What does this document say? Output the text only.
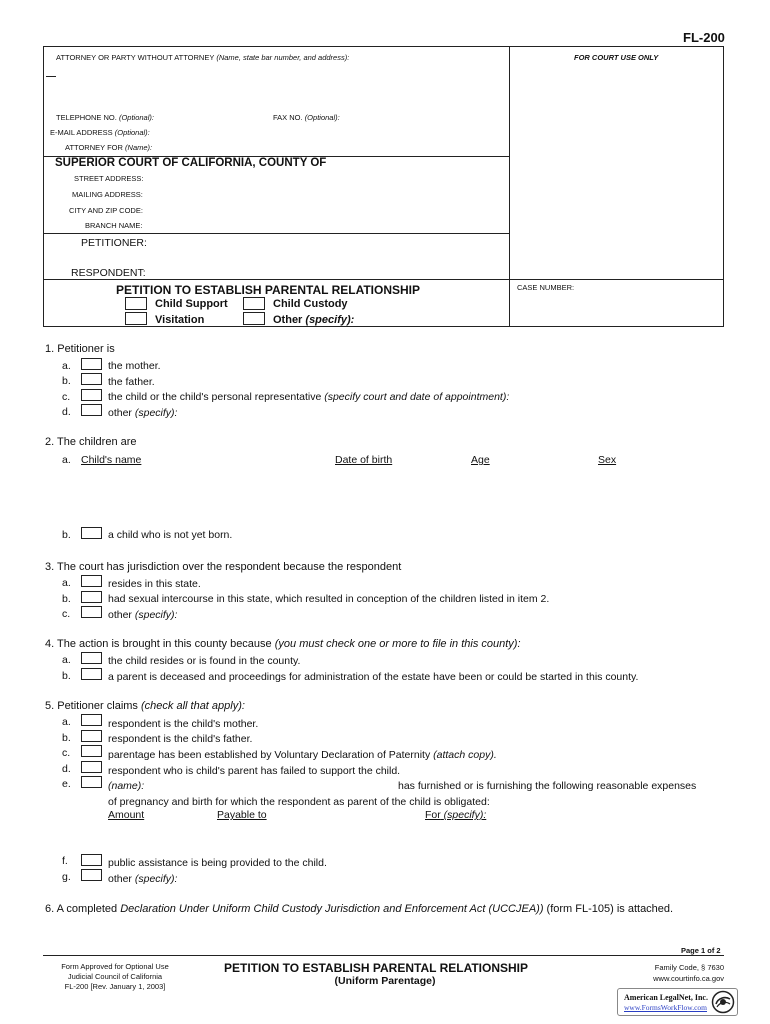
FL-200
ATTORNEY OR PARTY WITHOUT ATTORNEY (Name, state bar number, and address):	FOR COURT USE ONLY
TELEPHONE NO. (Optional):	FAX NO. (Optional):
E-MAIL ADDRESS (Optional):
ATTORNEY FOR (Name):
SUPERIOR COURT OF CALIFORNIA, COUNTY OF
STREET ADDRESS:
MAILING ADDRESS:
CITY AND ZIP CODE:
BRANCH NAME:
PETITIONER:
RESPONDENT:
PETITION TO ESTABLISH PARENTAL RELATIONSHIP	CASE NUMBER:
Child Support	Child Custody
Visitation	Other (specify):
1. Petitioner is
a.	the mother.
b.	the father.
c.	the child or the child's personal representative (specify court and date of appointment):
d.	other (specify):
2. The children are
a. Child's name	Date of birth	Age	Sex
b.	a child who is not yet born.
3. The court has jurisdiction over the respondent because the respondent
a.	resides in this state.
b.	had sexual intercourse in this state, which resulted in conception of the children listed in item 2.
c.	other (specify):
4. The action is brought in this county because (you must check one or more to file in this county):
a.	the child resides or is found in the county.
b.	a parent is deceased and proceedings for administration of the estate have been or could be started in this county.
5. Petitioner claims (check all that apply):
a.	respondent is the child's mother.
b.	respondent is the child's father.
c.	parentage has been established by Voluntary Declaration of Paternity (attach copy).
d.	respondent who is child's parent has failed to support the child.
e.	(name):	has furnished or is furnishing the following reasonable expenses
of pregnancy and birth for which the respondent as parent of the child is obligated:
Amount	Payable to	For (specify):
f.	public assistance is being provided to the child.
g.	other (specify):
6. A completed Declaration Under Uniform Child Custody Jurisdiction and Enforcement Act (UCCJEA)) (form FL-105) is attached.
Page 1 of 2
Form Approved for Optional Use
Judicial Council of California
FL-200 [Rev. January 1, 2003]
PETITION TO ESTABLISH PARENTAL RELATIONSHIP
(Uniform Parentage)
Family Code, § 7630
www.courtinfo.ca.gov
American LegalNet, Inc.
www.FormsWorkFlow.com
